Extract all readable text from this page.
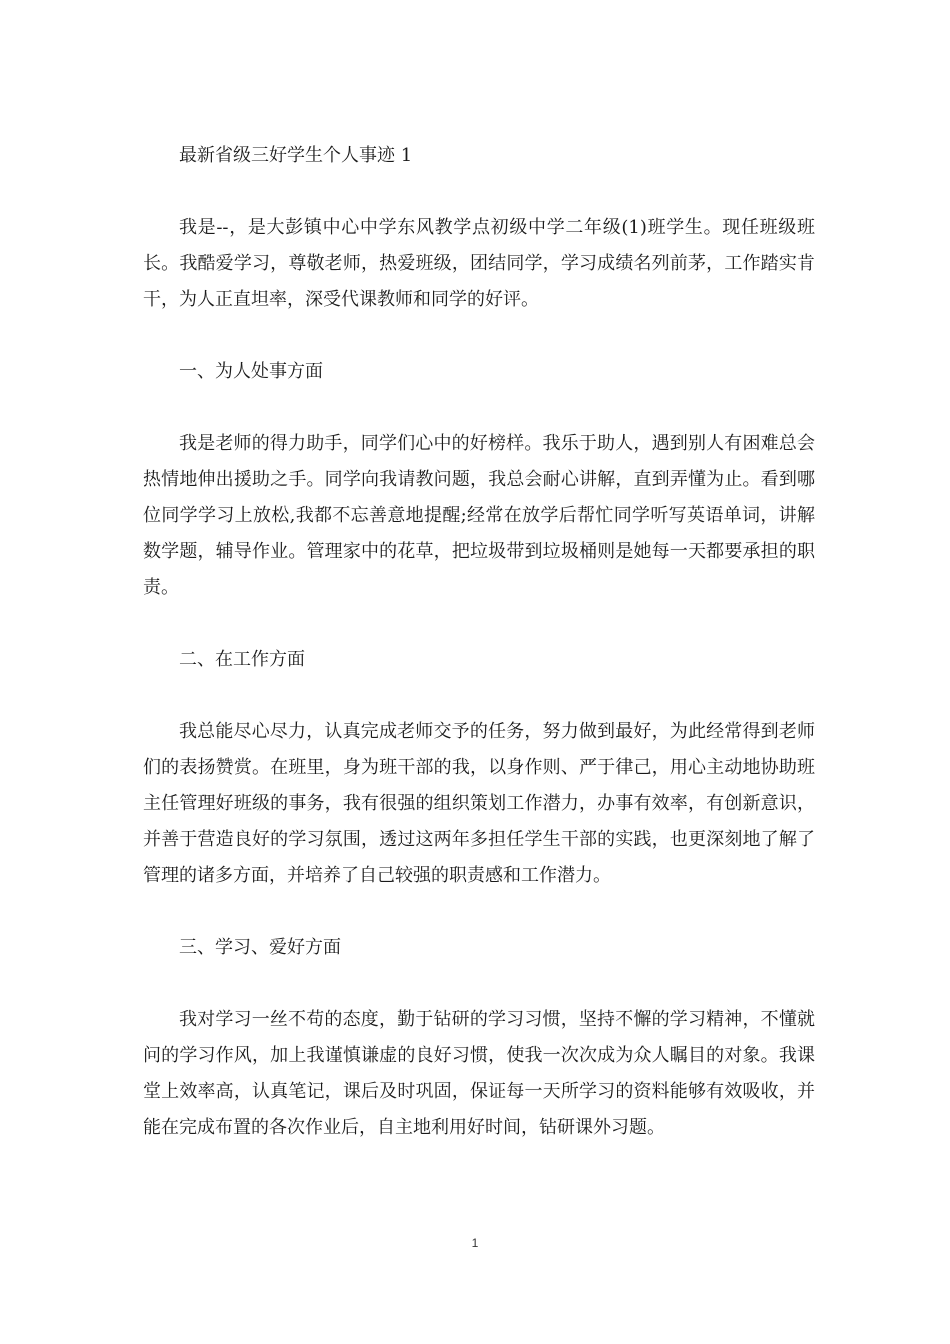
最新省级三好学生个人事迹 1

我是--，是大彭镇中心中学东风教学点初级中学二年级(1)班学生。现任班级班长。我酷爱学习，尊敬老师，热爱班级，团结同学，学习成绩名列前茅，工作踏实肯干，为人正直坦率，深受代课教师和同学的好评。

一、为人处事方面

我是老师的得力助手，同学们心中的好榜样。我乐于助人，遇到别人有困难总会热情地伸出援助之手。同学向我请教问题，我总会耐心讲解，直到弄懂为止。看到哪位同学学习上放松,我都不忘善意地提醒;经常在放学后帮忙同学听写英语单词，讲解数学题，辅导作业。管理家中的花草，把垃圾带到垃圾桶则是她每一天都要承担的职责。

二、在工作方面

我总能尽心尽力，认真完成老师交予的任务，努力做到最好，为此经常得到老师们的表扬赞赏。在班里，身为班干部的我，以身作则、严于律己，用心主动地协助班主任管理好班级的事务，我有很强的组织策划工作潜力，办事有效率，有创新意识，并善于营造良好的学习氛围，透过这两年多担任学生干部的实践，也更深刻地了解了管理的诸多方面，并培养了自己较强的职责感和工作潜力。

三、学习、爱好方面

我对学习一丝不苟的态度，勤于钻研的学习习惯，坚持不懈的学习精神，不懂就问的学习作风，加上我谨慎谦虚的良好习惯，使我一次次成为众人瞩目的对象。我课堂上效率高，认真笔记，课后及时巩固，保证每一天所学习的资料能够有效吸收，并能在完成布置的各次作业后，自主地利用好时间，钻研课外习题。

1
